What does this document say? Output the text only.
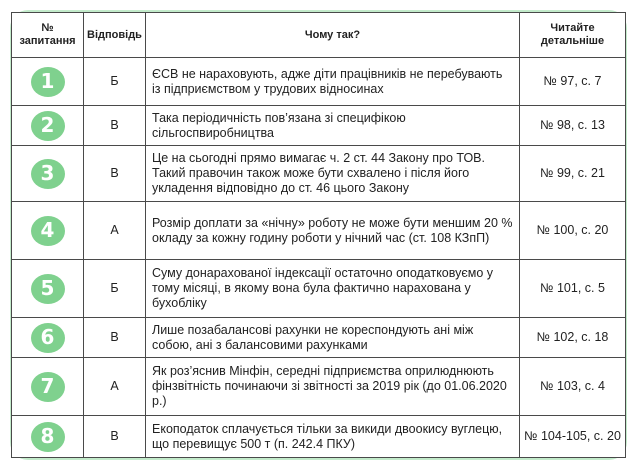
№ запитання	Відповідь	Чому так?	Читайте детальніше
1	Б	ЄСВ не нараховують, адже діти працівників не перебувають із підприємством у трудових відносинах	№ 97, с. 7
2	В	Така періодичність пов’язана зі специфікою сільгоспвиробництва	№ 98, с. 13
3	В	Це на сьогодні прямо вимагає ч. 2 ст. 44 Закону про ТОВ. Такий правочин також може бути схвалено і після його укладення відповідно до ст. 46 цього Закону	№ 99, с. 21
4	А	Розмір доплати за «нічну» роботу не може бути меншим 20 % окладу за кожну годину роботи у нічний час (ст. 108 КЗпП)	№ 100, с. 20
5	Б	Суму донарахованої індексації остаточно оподатковуємо у тому місяці, в якому вона була фактично нарахована у бухобліку	№ 101, с. 5
6	В	Лише позабалансові рахунки не кореспондують ані між собою, ані з балансовими рахунками	№ 102, с. 18
7	А	Як роз’яснив Мінфін, середні підприємства оприлюднюють фінзвітність починаючи зі звітності за 2019 рік (до 01.06.2020 р.)	№ 103, с. 4
8	В	Екоподаток сплачується тільки за викиди двоокису вуглецю, що перевищує 500 т (п. 242.4 ПКУ)	№ 104-105, с. 20
